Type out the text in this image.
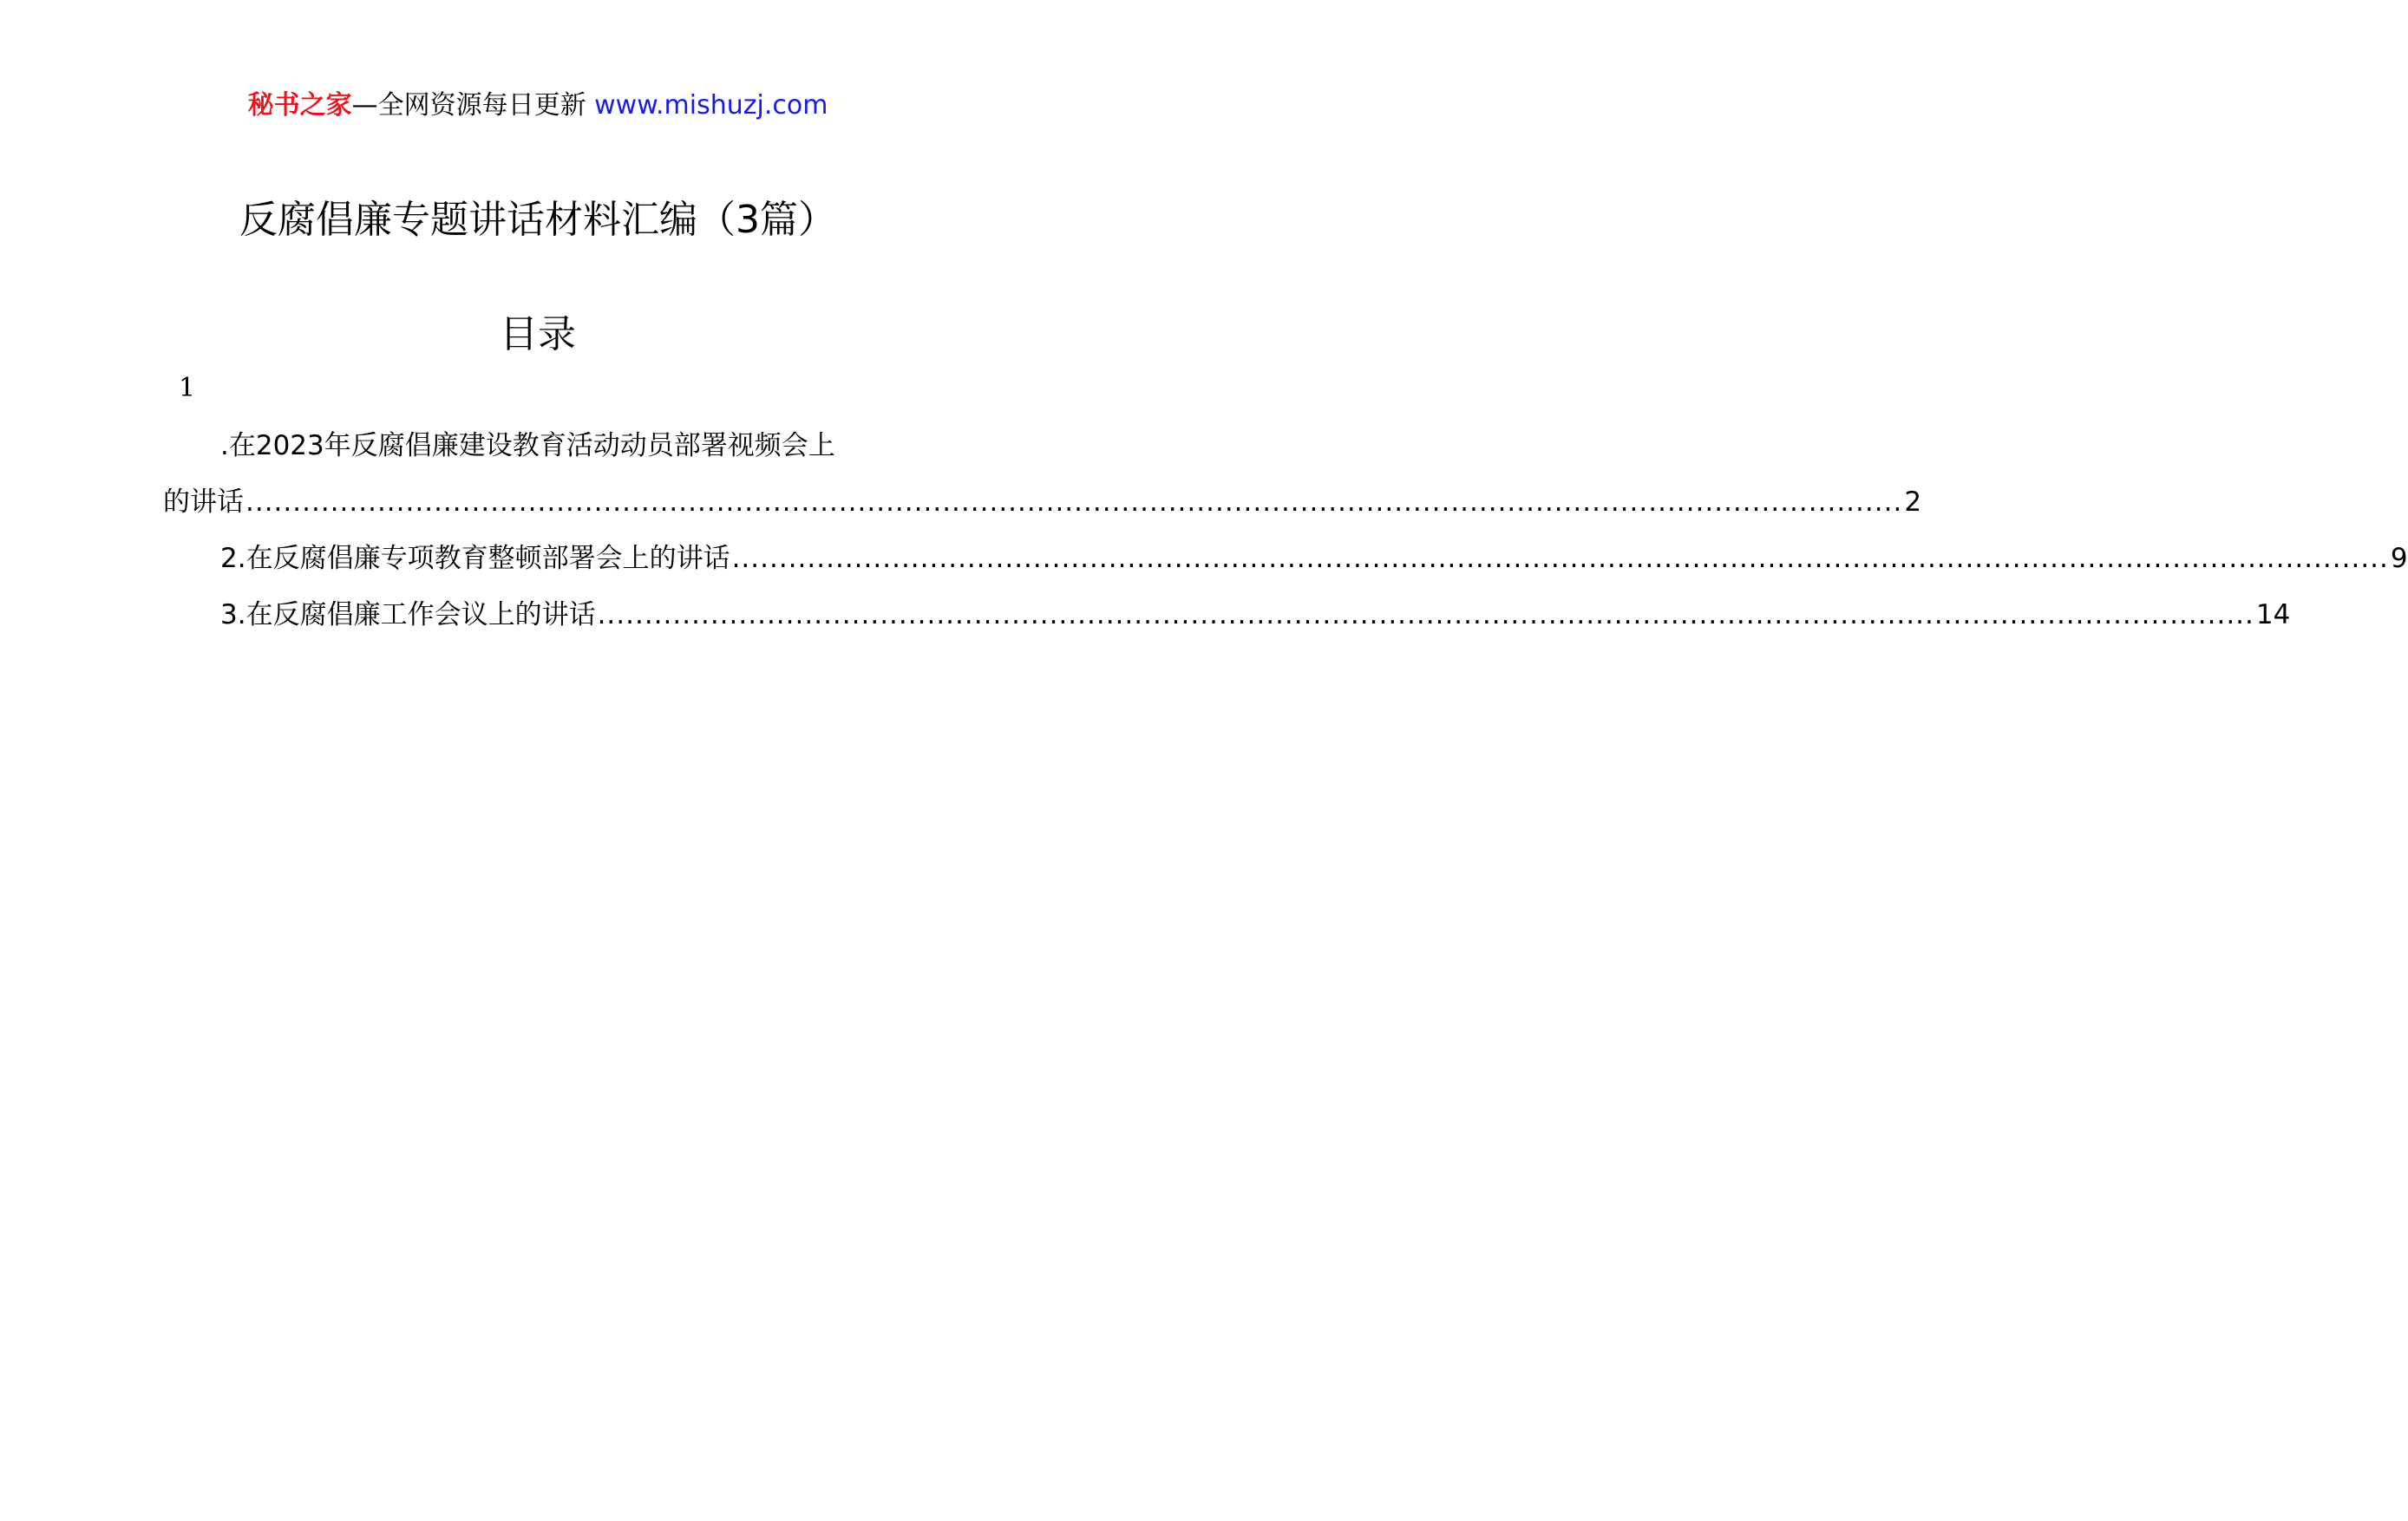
秘书之家—全网资源每日更新 www.mishuzj.com
反腐倡廉专题讲话材料汇编（3篇）
目录
1
.在2023年反腐倡廉建设教育活动动员部署视频会上
的讲话 ................................................................................................................................................................................ 2
2.在反腐倡廉专项教育整顿部署会上的讲话 ................................................................................................................................................................................ 9
3.在反腐倡廉工作会议上的讲话 ................................................................................................................................................................................ 14
